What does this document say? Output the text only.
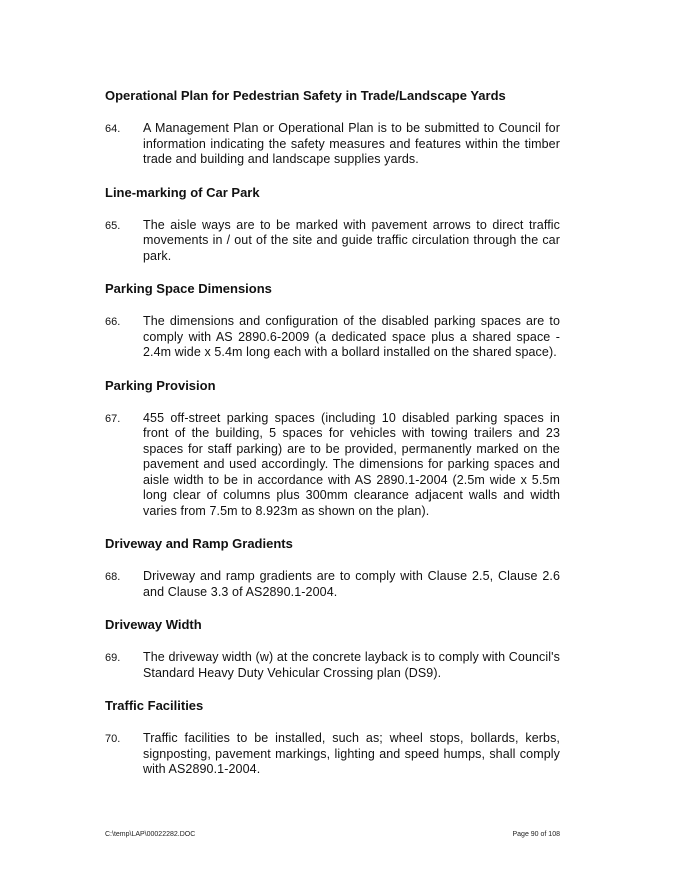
Operational Plan for Pedestrian Safety in Trade/Landscape Yards

64.	A Management Plan or Operational Plan is to be submitted to Council for information indicating the safety measures and features within the timber trade and building and landscape supplies yards.

Line-marking of Car Park

65.	The aisle ways are to be marked with pavement arrows to direct traffic movements in / out of the site and guide traffic circulation through the car park.

Parking Space Dimensions

66.	The dimensions and configuration of the disabled parking spaces are to comply with AS 2890.6-2009 (a dedicated space plus a shared space - 2.4m wide x 5.4m long each with a bollard installed on the shared space).

Parking Provision

67.	455 off-street parking spaces (including 10 disabled parking spaces in front of the building, 5 spaces for vehicles with towing trailers and 23 spaces for staff parking) are to be provided, permanently marked on the pavement and used accordingly. The dimensions for parking spaces and aisle width to be in accordance with AS 2890.1-2004 (2.5m wide x 5.5m long clear of columns plus 300mm clearance adjacent walls and width varies from 7.5m to 8.923m as shown on the plan).

Driveway and Ramp Gradients

68.	Driveway and ramp gradients are to comply with Clause 2.5, Clause 2.6 and Clause 3.3 of AS2890.1-2004.

Driveway Width

69.	The driveway width (w) at the concrete layback is to comply with Council's Standard Heavy Duty Vehicular Crossing plan (DS9).

Traffic Facilities

70.	Traffic facilities to be installed, such as; wheel stops, bollards, kerbs, signposting, pavement markings, lighting and speed humps, shall comply with AS2890.1-2004.
C:\temp\LAP\00022282.DOC	Page 90 of 108
